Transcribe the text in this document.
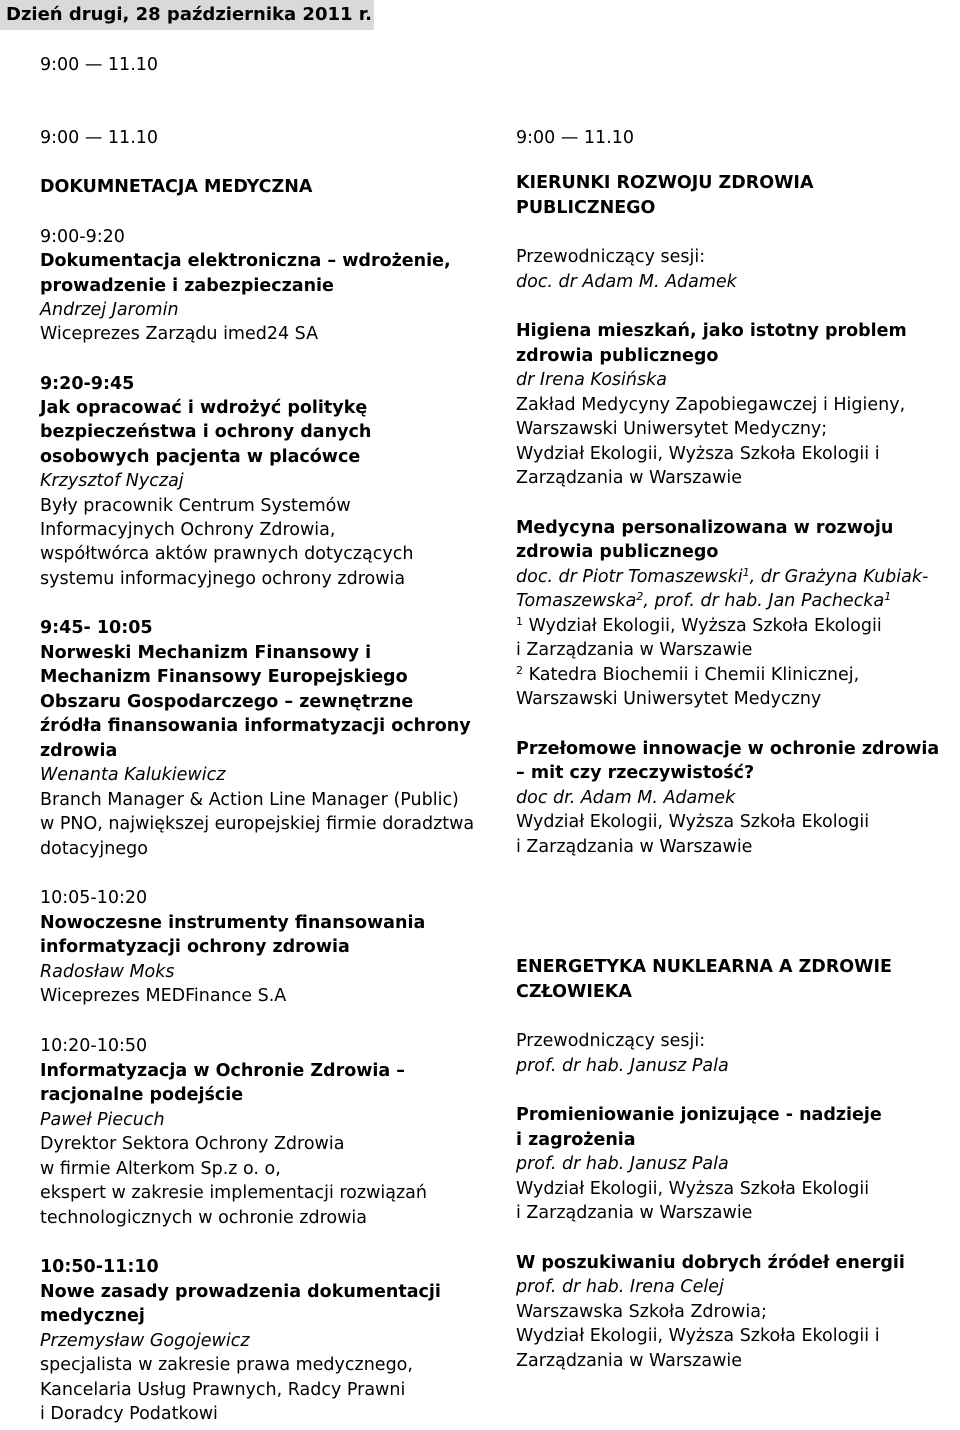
Dzień drugi, 28 października 2011 r.
9:00 — 11.10
9:00 — 11.10
DOKUMNETACJA MEDYCZNA
9:00-9:20
Dokumentacja elektroniczna – wdrożenie,
prowadzenie i zabezpieczanie
Andrzej Jaromin
Wiceprezes Zarządu imed24 SA
9:20-9:45
Jak opracować i wdrożyć politykę
bezpieczeństwa i ochrony danych
osobowych pacjenta w placówce
Krzysztof Nyczaj
Były pracownik Centrum Systemów
Informacyjnych Ochrony Zdrowia,
współtwórca aktów prawnych dotyczących
systemu informacyjnego ochrony zdrowia
9:45- 10:05
Norweski Mechanizm Finansowy i
Mechanizm Finansowy Europejskiego
Obszaru Gospodarczego – zewnętrzne
źródła finansowania informatyzacji ochrony
zdrowia
Wenanta Kalukiewicz
Branch Manager & Action Line Manager (Public)
w PNO, największej europejskiej firmie doradztwa
dotacyjnego
10:05-10:20
Nowoczesne instrumenty finansowania
informatyzacji ochrony zdrowia
Radosław Moks
Wiceprezes MEDFinance S.A
10:20-10:50
Informatyzacja w Ochronie Zdrowia –
racjonalne podejście
Paweł Piecuch
Dyrektor Sektora Ochrony Zdrowia
w firmie Alterkom Sp.z o. o,
ekspert w zakresie implementacji rozwiązań
technologicznych w ochronie zdrowia
10:50-11:10
Nowe zasady prowadzenia dokumentacji
medycznej
Przemysław Gogojewicz
specjalista w zakresie prawa medycznego,
Kancelaria Usług Prawnych, Radcy Prawni
i Doradcy Podatkowi
9:00 — 11.10
KIERUNKI ROZWOJU ZDROWIA
PUBLICZNEGO
Przewodniczący sesji:
doc. dr Adam M. Adamek
Higiena mieszkań, jako istotny problem
zdrowia publicznego
dr Irena Kosińska
Zakład Medycyny Zapobiegawczej i Higieny,
Warszawski Uniwersytet Medyczny;
Wydział Ekologii, Wyższa Szkoła Ekologii i
Zarządzania w Warszawie
Medycyna personalizowana w rozwoju
zdrowia publicznego
doc. dr Piotr Tomaszewski$^1$, dr Grażyna Kubiak-
Tomaszewska$^2$, prof. dr hab. Jan Pachecka$^1$
$^1$ Wydział Ekologii, Wyższa Szkoła Ekologii
i Zarządzania w Warszawie
$^2$ Katedra Biochemii i Chemii Klinicznej,
Warszawski Uniwersytet Medyczny
Przełomowe innowacje w ochronie zdrowia
– mit czy rzeczywistość?
doc dr. Adam M. Adamek
Wydział Ekologii, Wyższa Szkoła Ekologii
i Zarządzania w Warszawie
ENERGETYKA NUKLEARNA A ZDROWIE
CZŁOWIEKA
Przewodniczący sesji:
prof. dr hab. Janusz Pala
Promieniowanie jonizujące - nadzieje
i zagrożenia
prof. dr hab. Janusz Pala
Wydział Ekologii, Wyższa Szkoła Ekologii
i Zarządzania w Warszawie
W poszukiwaniu dobrych źródeł energii
prof. dr hab. Irena Celej
Warszawska Szkoła Zdrowia;
Wydział Ekologii, Wyższa Szkoła Ekologii i
Zarządzania w Warszawie
